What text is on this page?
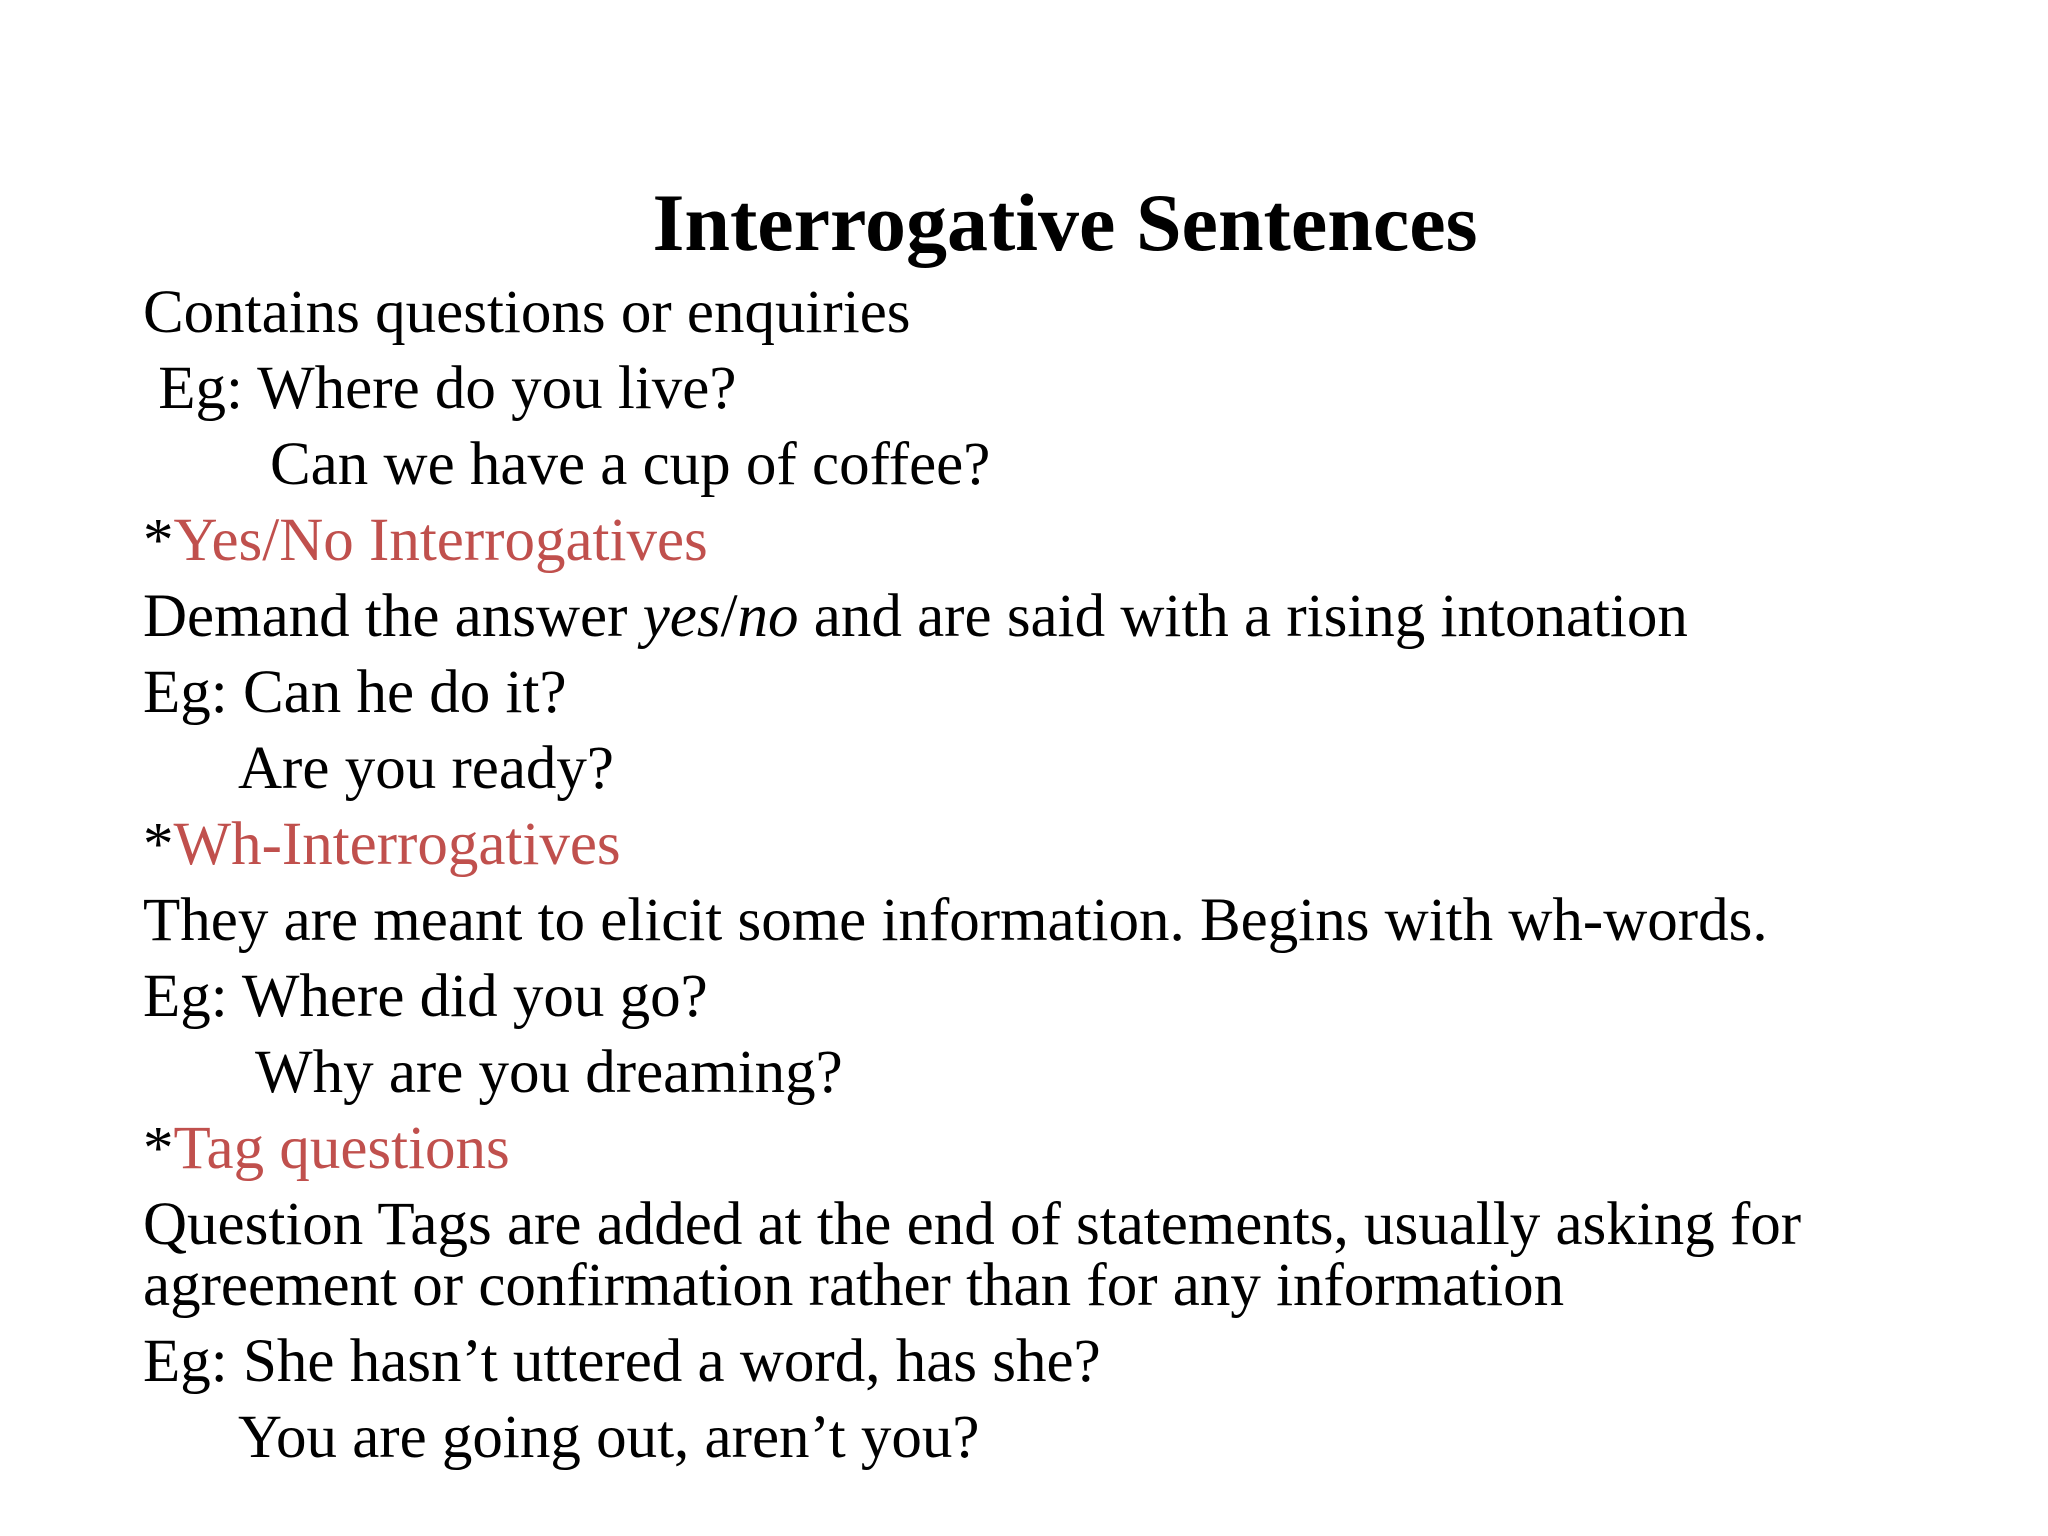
Interrogative Sentences
Contains questions or enquiries
Eg: Where do you live?
Can we have a cup of coffee?
*Yes/No Interrogatives
Demand the answer yes/no and are said with a rising intonation
Eg: Can he do it?
Are you ready?
*Wh-Interrogatives
They are meant to elicit some information. Begins with wh-words.
Eg: Where did you go?
Why are you dreaming?
*Tag questions
Question Tags are added at the end of statements, usually asking for
agreement or confirmation rather than for any information
Eg: She hasn’t uttered a word, has she?
You are going out, aren’t you?
